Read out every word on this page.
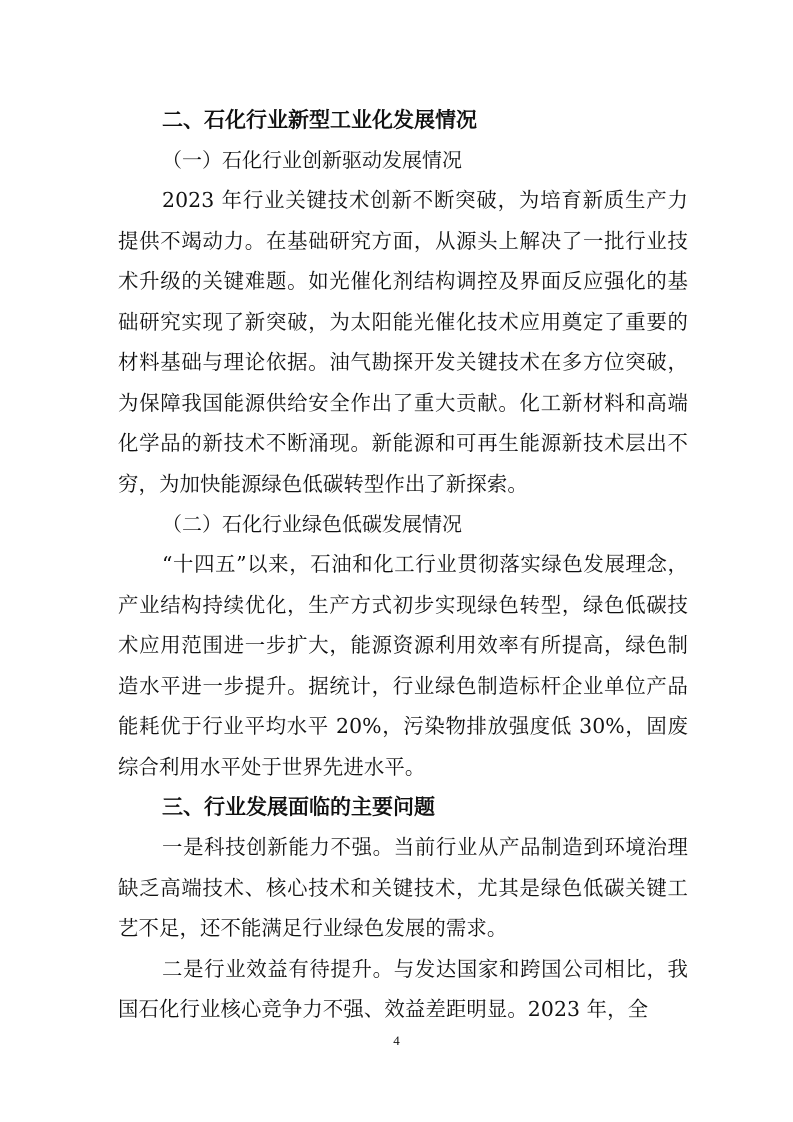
二、石化行业新型工业化发展情况

（一）石化行业创新驱动发展情况

2023 年行业关键技术创新不断突破，为培育新质生产力提供不竭动力。在基础研究方面，从源头上解决了一批行业技术升级的关键难题。如光催化剂结构调控及界面反应强化的基础研究实现了新突破，为太阳能光催化技术应用奠定了重要的材料基础与理论依据。油气勘探开发关键技术在多方位突破，为保障我国能源供给安全作出了重大贡献。化工新材料和高端化学品的新技术不断涌现。新能源和可再生能源新技术层出不穷，为加快能源绿色低碳转型作出了新探索。

（二）石化行业绿色低碳发展情况

“十四五”以来，石油和化工行业贯彻落实绿色发展理念，产业结构持续优化，生产方式初步实现绿色转型，绿色低碳技术应用范围进一步扩大，能源资源利用效率有所提高，绿色制造水平进一步提升。据统计，行业绿色制造标杆企业单位产品能耗优于行业平均水平 20%，污染物排放强度低 30%，固废综合利用水平处于世界先进水平。

三、行业发展面临的主要问题

一是科技创新能力不强。当前行业从产品制造到环境治理缺乏高端技术、核心技术和关键技术，尤其是绿色低碳关键工艺不足，还不能满足行业绿色发展的需求。

二是行业效益有待提升。与发达国家和跨国公司相比，我国石化行业核心竞争力不强、效益差距明显。2023 年，全

4
